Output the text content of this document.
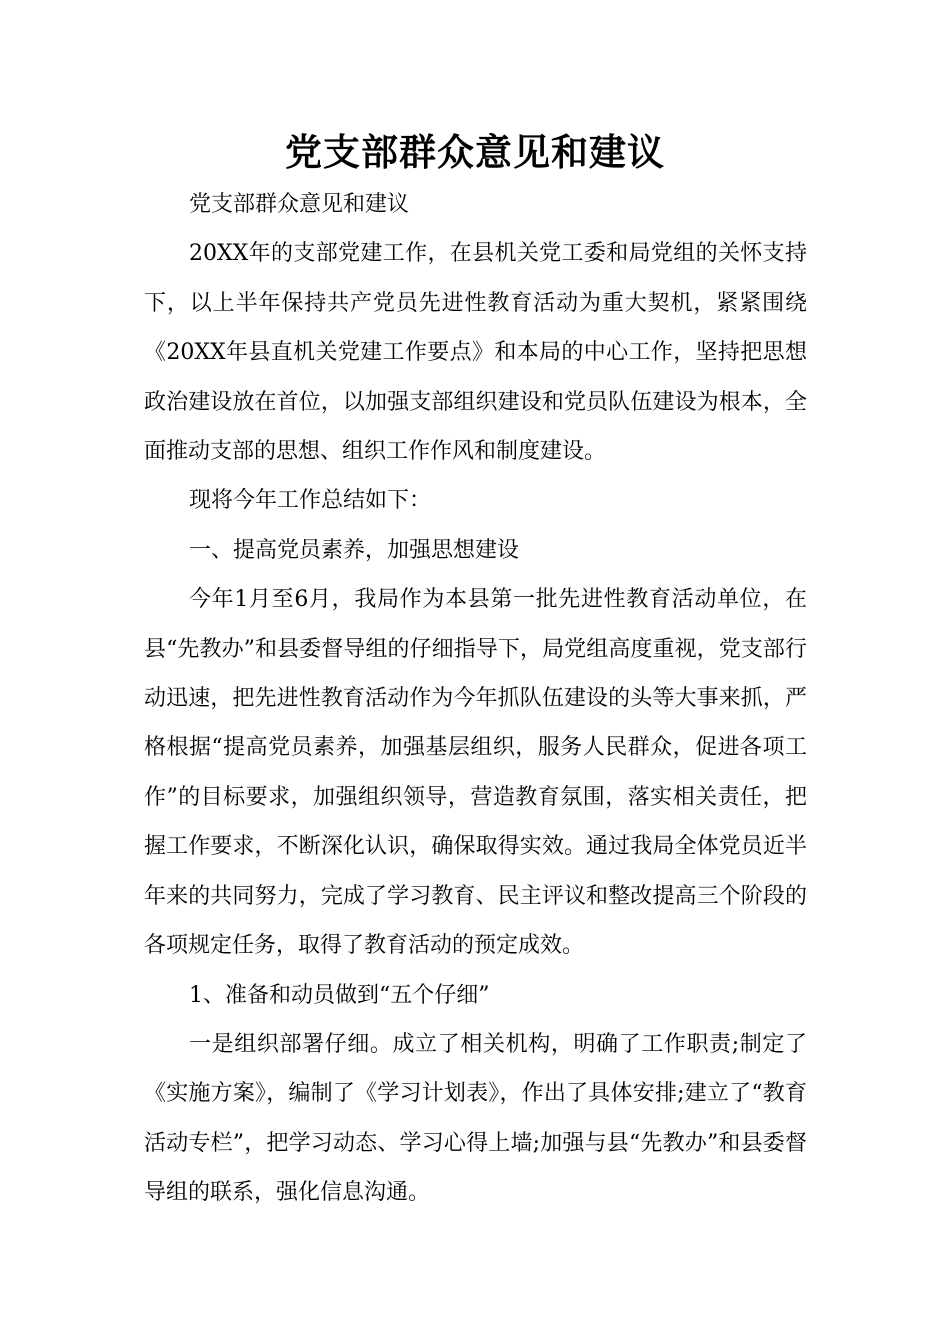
党支部群众意见和建议

党支部群众意见和建议

20XX年的支部党建工作，在县机关党工委和局党组的关怀支持下，以上半年保持共产党员先进性教育活动为重大契机，紧紧围绕《20XX年县直机关党建工作要点》和本局的中心工作，坚持把思想政治建设放在首位，以加强支部组织建设和党员队伍建设为根本，全面推动支部的思想、组织工作作风和制度建设。

现将今年工作总结如下：

一、提高党员素养，加强思想建设

今年1月至6月，我局作为本县第一批先进性教育活动单位，在县“先教办”和县委督导组的仔细指导下，局党组高度重视，党支部行动迅速，把先进性教育活动作为今年抓队伍建设的头等大事来抓，严格根据“提高党员素养，加强基层组织，服务人民群众，促进各项工作”的目标要求，加强组织领导，营造教育氛围，落实相关责任，把握工作要求，不断深化认识，确保取得实效。通过我局全体党员近半年来的共同努力，完成了学习教育、民主评议和整改提高三个阶段的各项规定任务，取得了教育活动的预定成效。

1、准备和动员做到“五个仔细”

一是组织部署仔细。成立了相关机构，明确了工作职责;制定了《实施方案》，编制了《学习计划表》，作出了具体安排;建立了“教育活动专栏”，把学习动态、学习心得上墙;加强与县“先教办”和县委督导组的联系，强化信息沟通。
